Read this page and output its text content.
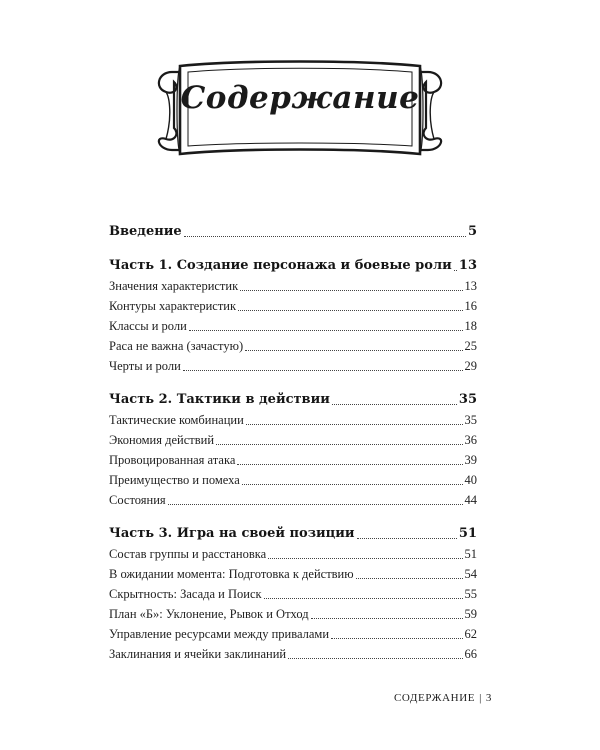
Содержание
Введение	5
Часть 1. Создание персонажа и боевые роли 13
Значения характеристик	13
Контуры характеристик	16
Классы и роли	18
Раса не важна (зачастую)	25
Черты и роли	29
Часть 2. Тактики в действии	35
Тактические комбинации	35
Экономия действий	36
Провоцированная атака	39
Преимущество и помеха	40
Состояния	44
Часть 3. Игра на своей позиции	51
Состав группы и расстановка	51
В ожидании момента: Подготовка к действию	54
Скрытность: Засада и Поиск	55
План «Б»: Уклонение, Рывок и Отход	59
Управление ресурсами между привалами	62
Заклинания и ячейки заклинаний	66
СОДЕРЖАНИЕ | 3
